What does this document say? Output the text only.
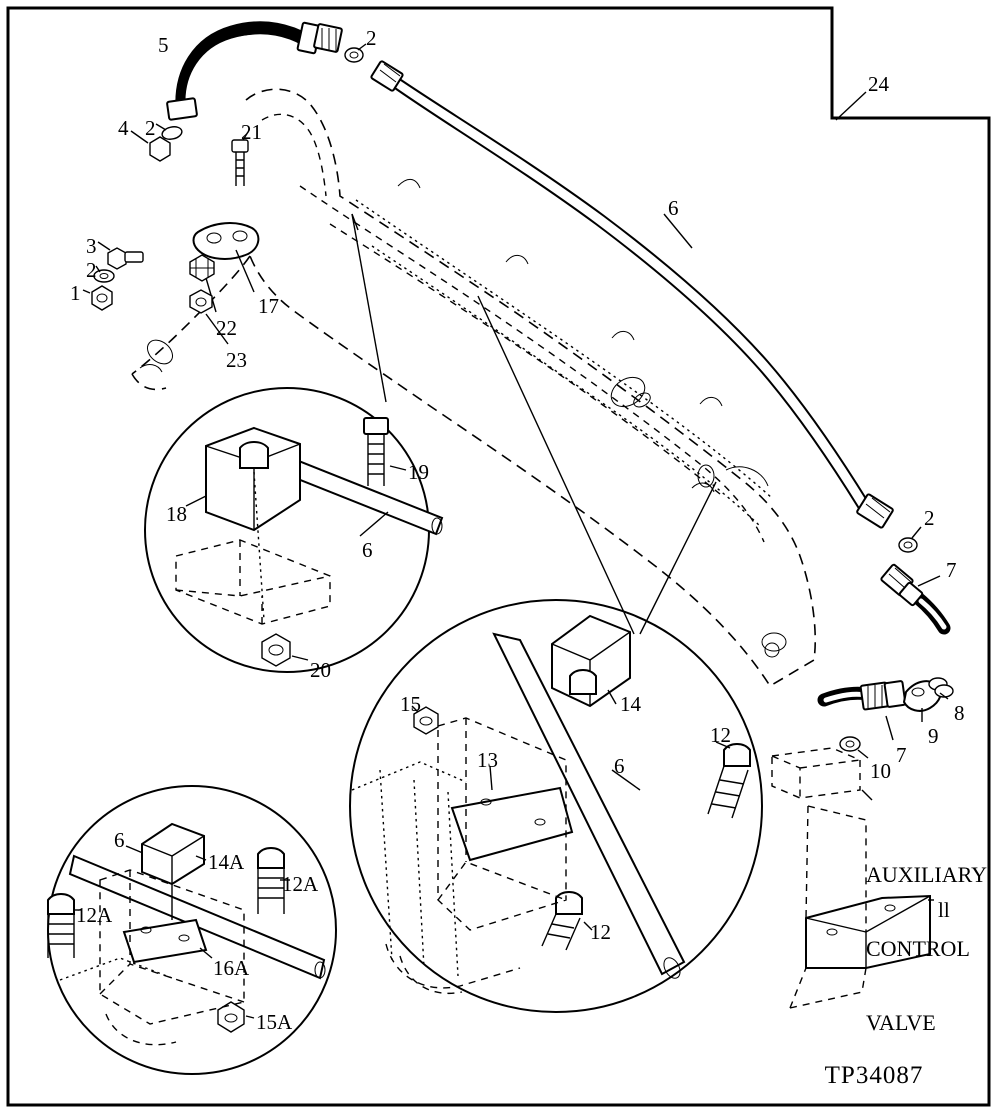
5	2
2
4	21
24
6
3
2
1
17
22
23
19
18
6
2
7
20
8
9
7
10
15	14
12
13	6
12
ll
6
14A
12A
12A
16A
15A

AUXILIARY

CONTROL

VALVE

TP34087
